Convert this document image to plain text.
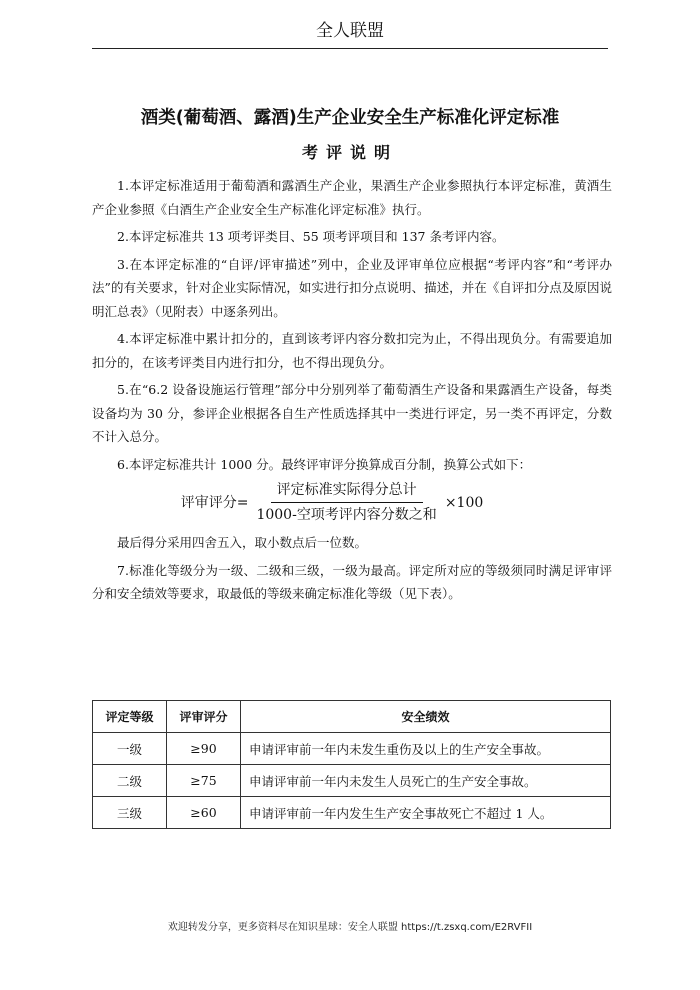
全人联盟
酒类(葡萄酒、露酒)生产企业安全生产标准化评定标准
考评说明

1.本评定标准适用于葡萄酒和露酒生产企业，果酒生产企业参照执行本评定标准，黄酒生产企业参照《白酒生产企业安全生产标准化评定标准》执行。

2.本评定标准共 13 项考评类目、55 项考评项目和 137 条考评内容。

3.在本评定标准的“自评/评审描述”列中，企业及评审单位应根据“考评内容”和“考评办法”的有关要求，针对企业实际情况，如实进行扣分点说明、描述，并在《自评扣分点及原因说明汇总表》（见附表）中逐条列出。

4.本评定标准中累计扣分的，直到该考评内容分数扣完为止，不得出现负分。有需要追加扣分的，在该考评类目内进行扣分，也不得出现负分。

5.在“6.2 设备设施运行管理”部分中分别列举了葡萄酒生产设备和果露酒生产设备，每类设备均为 30 分，参评企业根据各自生产性质选择其中一类进行评定，另一类不再评定，分数不计入总分。

6.本评定标准共计 1000 分。最终评审评分换算成百分制，换算公式如下：

评审评分= $\frac{\text{评定标准实际得分总计}}{\text{1000-空项考评内容分数之和}} \times 100$

最后得分采用四舍五入，取小数点后一位数。

7.标准化等级分为一级、二级和三级，一级为最高。评定所对应的等级须同时满足评审评分和安全绩效等要求，取最低的等级来确定标准化等级（见下表）。

评定等级	评审评分	安全绩效
一级	≥90	申请评审前一年内未发生重伤及以上的生产安全事故。
二级	≥75	申请评审前一年内未发生人员死亡的生产安全事故。
三级	≥60	申请评审前一年内发生生产安全事故死亡不超过 1 人。
欢迎转发分享，更多资料尽在知识星球：安全人联盟 https://t.zsxq.com/E2RVFII
